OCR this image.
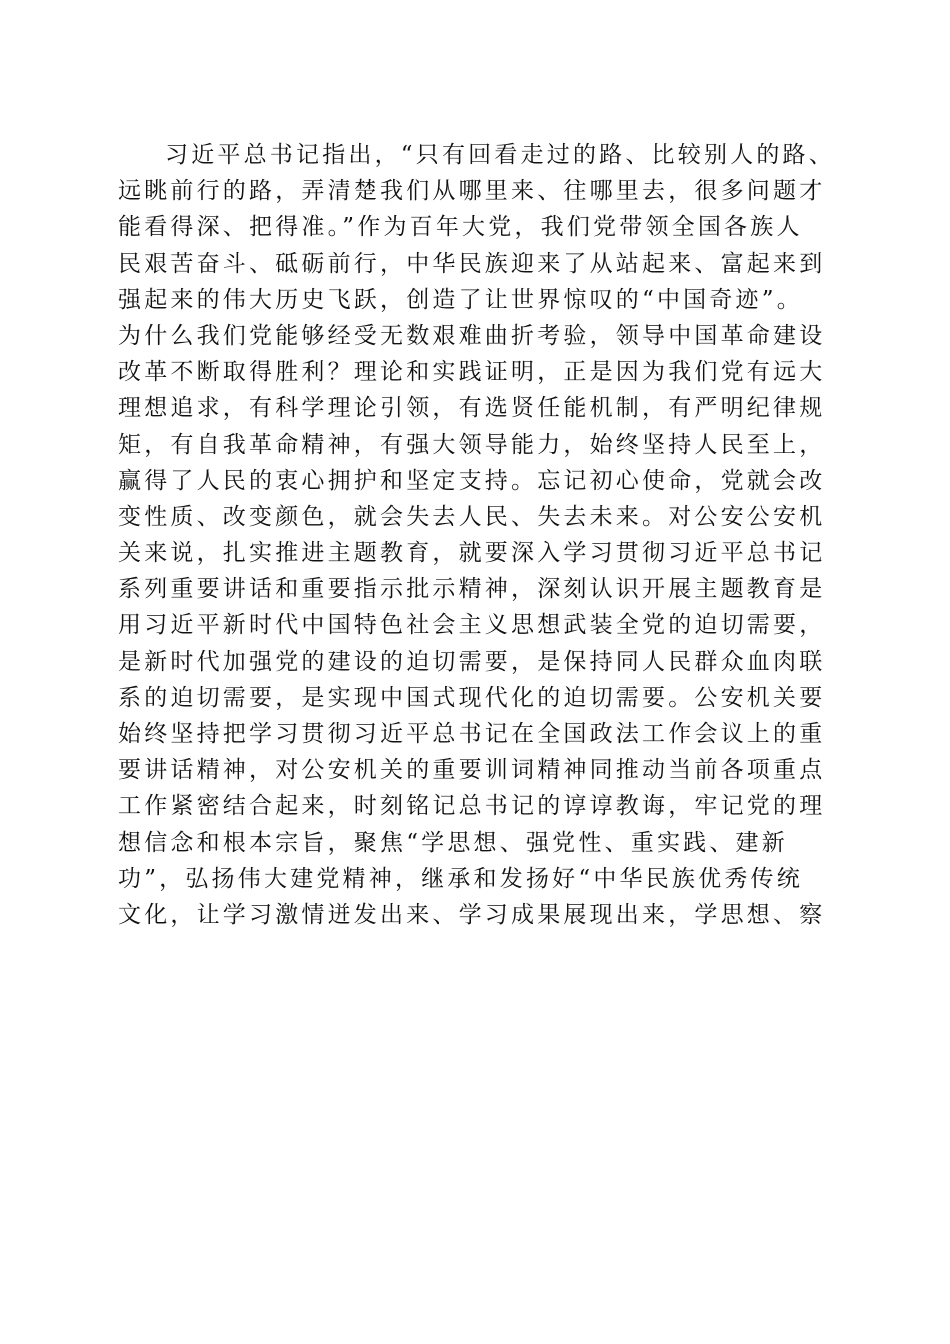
习近平总书记指出，“只有回看走过的路、比较别人的路、
远眺前行的路，弄清楚我们从哪里来、往哪里去，很多问题才
能看得深、把得准。”作为百年大党，我们党带领全国各族人
民艰苦奋斗、砥砺前行，中华民族迎来了从站起来、富起来到
强起来的伟大历史飞跃，创造了让世界惊叹的“中国奇迹”。
为什么我们党能够经受无数艰难曲折考验，领导中国革命建设
改革不断取得胜利？理论和实践证明，正是因为我们党有远大
理想追求，有科学理论引领，有选贤任能机制，有严明纪律规
矩，有自我革命精神，有强大领导能力，始终坚持人民至上，
赢得了人民的衷心拥护和坚定支持。忘记初心使命，党就会改
变性质、改变颜色，就会失去人民、失去未来。对公安公安机
关来说，扎实推进主题教育，就要深入学习贯彻习近平总书记
系列重要讲话和重要指示批示精神，深刻认识开展主题教育是
用习近平新时代中国特色社会主义思想武装全党的迫切需要，
是新时代加强党的建设的迫切需要，是保持同人民群众血肉联
系的迫切需要，是实现中国式现代化的迫切需要。公安机关要
始终坚持把学习贯彻习近平总书记在全国政法工作会议上的重
要讲话精神，对公安机关的重要训词精神同推动当前各项重点
工作紧密结合起来，时刻铭记总书记的谆谆教诲，牢记党的理
想信念和根本宗旨，聚焦“学思想、强党性、重实践、建新
功”，弘扬伟大建党精神，继承和发扬好“中华民族优秀传统
文化，让学习激情迸发出来、学习成果展现出来，学思想、察
